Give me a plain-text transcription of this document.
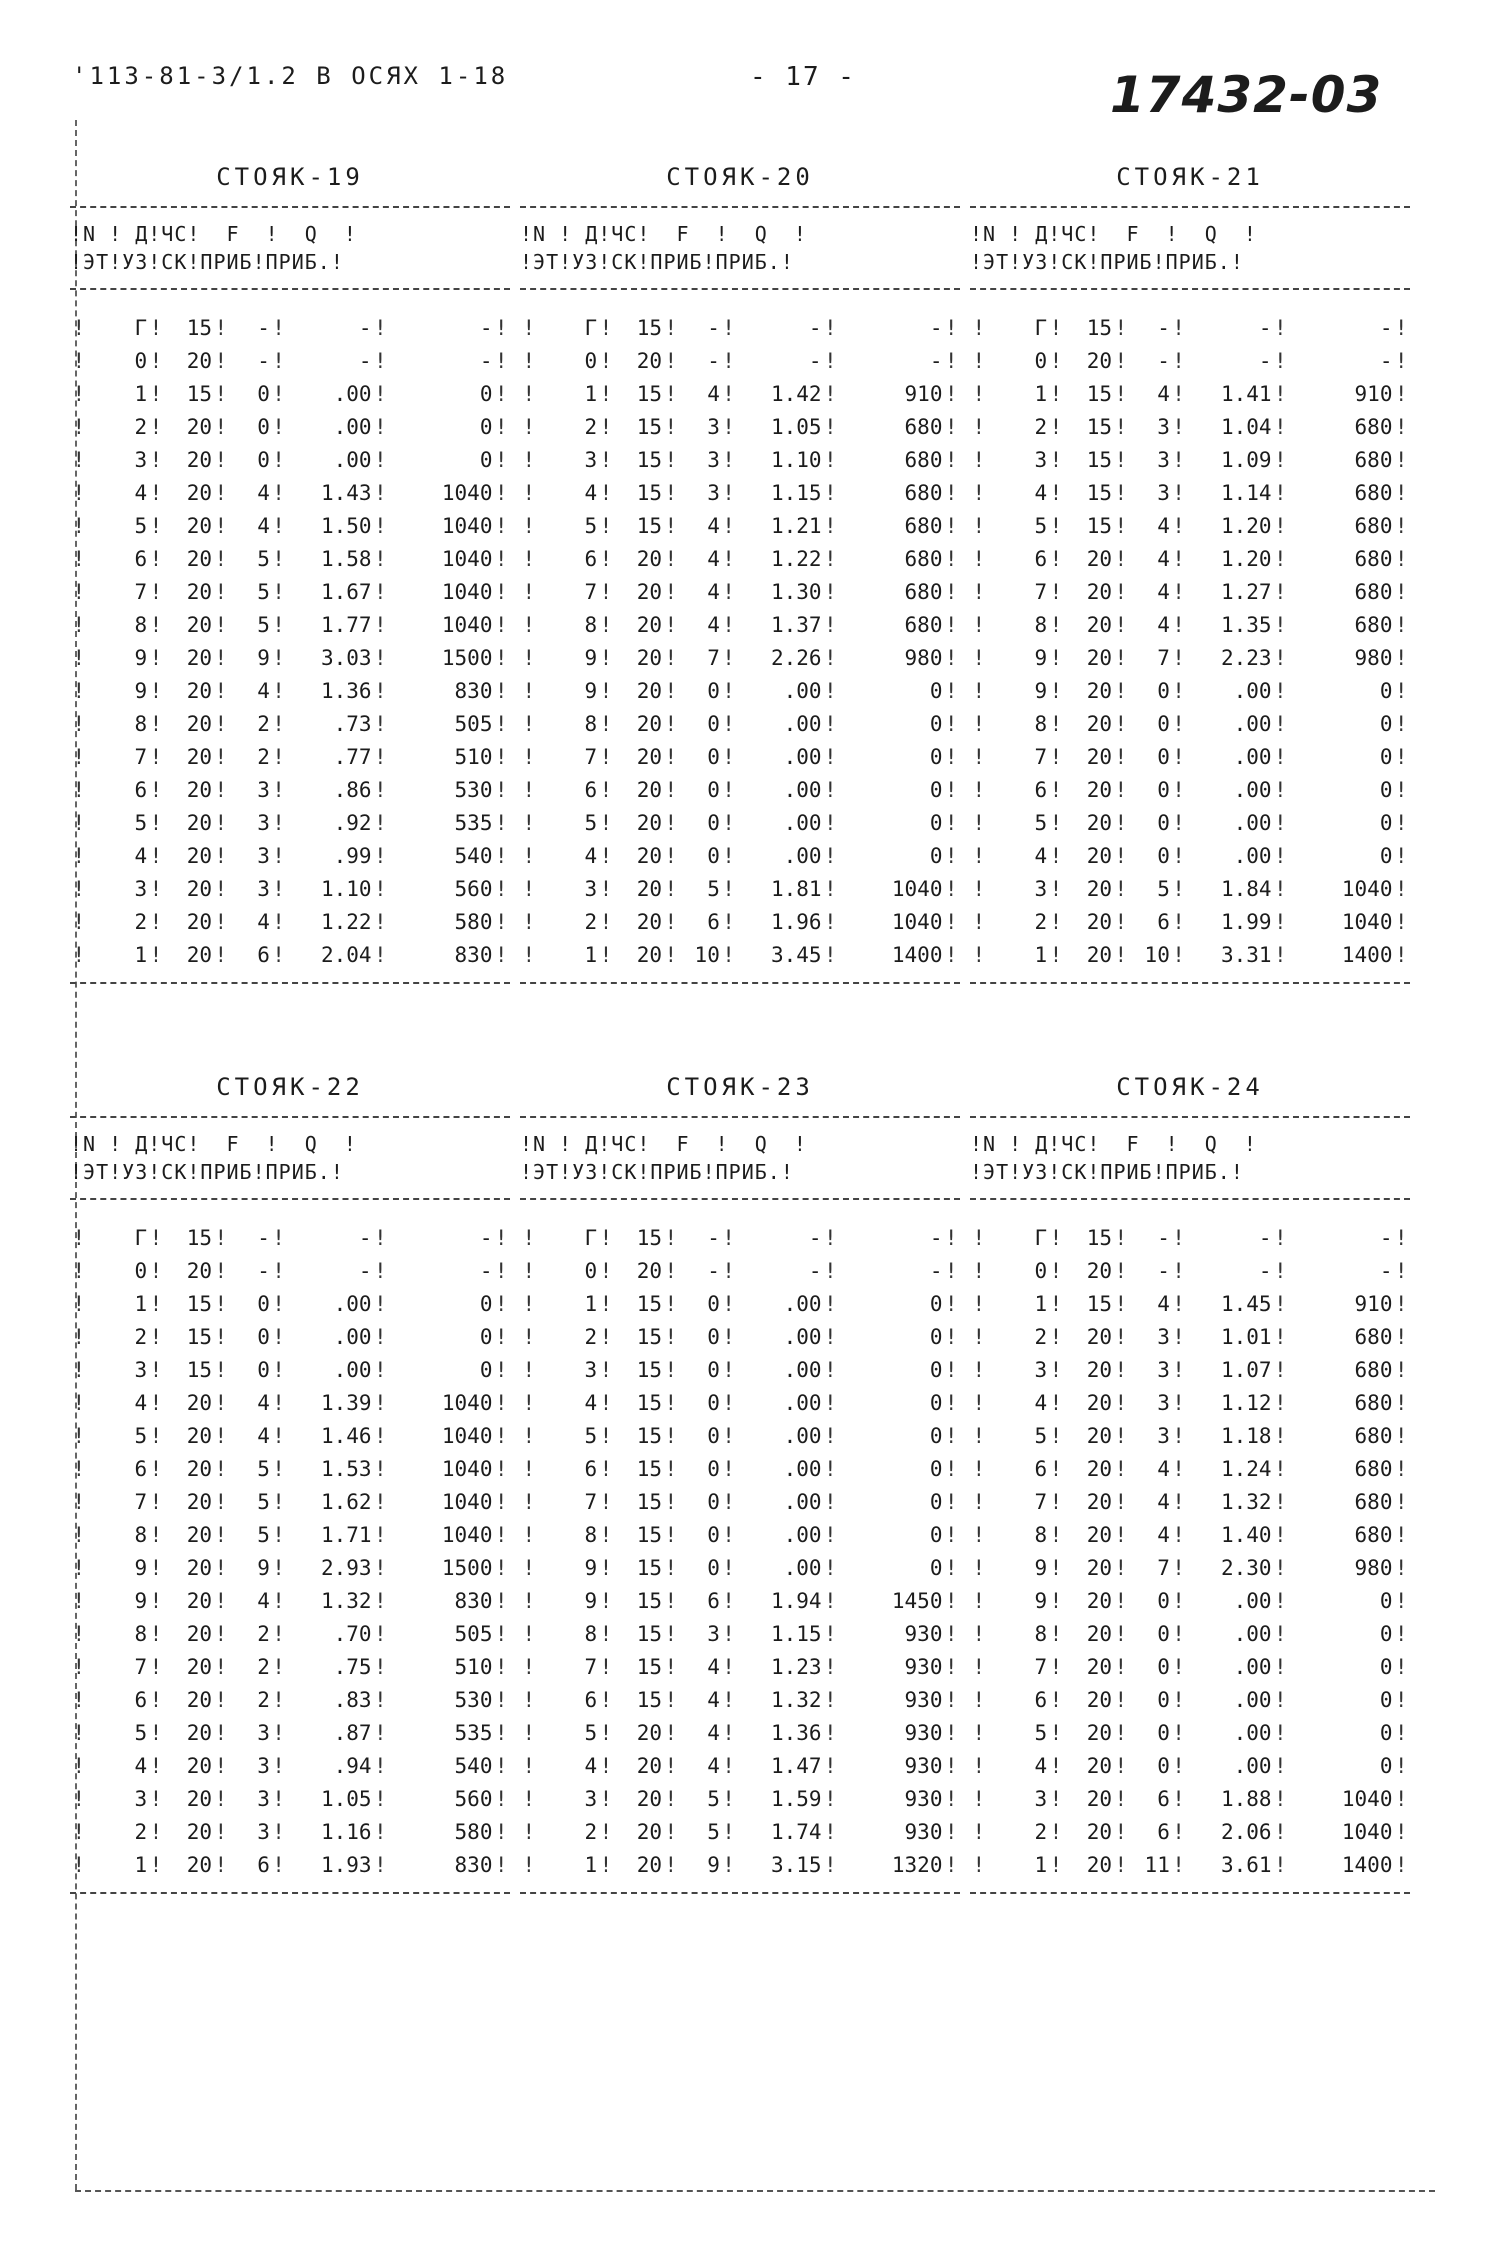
'113-81-3/1.2 В ОСЯХ 1-18	- 17 -	17432-03
СТОЯК-19
!N ! Д!ЧС!  F  !  Q  !
!ЭТ!УЗ!СК!ПРИБ!ПРИБ.!
!	Г !	15 !	- !	- !	- !
!	0 !	20 !	- !	- !	- !
!	1 !	15 !	0 !	.00 !	0 !
!	2 !	20 !	0 !	.00 !	0 !
!	3 !	20 !	0 !	.00 !	0 !
!	4 !	20 !	4 !	1.43 !	1040 !
!	5 !	20 !	4 !	1.50 !	1040 !
!	6 !	20 !	5 !	1.58 !	1040 !
!	7 !	20 !	5 !	1.67 !	1040 !
!	8 !	20 !	5 !	1.77 !	1040 !
!	9 !	20 !	9 !	3.03 !	1500 !
!	9 !	20 !	4 !	1.36 !	830 !
!	8 !	20 !	2 !	.73 !	505 !
!	7 !	20 !	2 !	.77 !	510 !
!	6 !	20 !	3 !	.86 !	530 !
!	5 !	20 !	3 !	.92 !	535 !
!	4 !	20 !	3 !	.99 !	540 !
!	3 !	20 !	3 !	1.10 !	560 !
!	2 !	20 !	4 !	1.22 !	580 !
!	1 !	20 !	6 !	2.04 !	830 !
СТОЯК-20
!N ! Д!ЧС!  F  !  Q  !
!ЭТ!УЗ!СК!ПРИБ!ПРИБ.!
!	Г !	15 !	- !	- !	- !
!	0 !	20 !	- !	- !	- !
!	1 !	15 !	4 !	1.42 !	910 !
!	2 !	15 !	3 !	1.05 !	680 !
!	3 !	15 !	3 !	1.10 !	680 !
!	4 !	15 !	3 !	1.15 !	680 !
!	5 !	15 !	4 !	1.21 !	680 !
!	6 !	20 !	4 !	1.22 !	680 !
!	7 !	20 !	4 !	1.30 !	680 !
!	8 !	20 !	4 !	1.37 !	680 !
!	9 !	20 !	7 !	2.26 !	980 !
!	9 !	20 !	0 !	.00 !	0 !
!	8 !	20 !	0 !	.00 !	0 !
!	7 !	20 !	0 !	.00 !	0 !
!	6 !	20 !	0 !	.00 !	0 !
!	5 !	20 !	0 !	.00 !	0 !
!	4 !	20 !	0 !	.00 !	0 !
!	3 !	20 !	5 !	1.81 !	1040 !
!	2 !	20 !	6 !	1.96 !	1040 !
!	1 !	20 ! 10 !	3.45 !	1400 !
СТОЯК-21
!N ! Д!ЧС!  F  !  Q  !
!ЭТ!УЗ!СК!ПРИБ!ПРИБ.!
!	Г !	15 !	- !	- !	- !
!	0 !	20 !	- !	- !	- !
!	1 !	15 !	4 !	1.41 !	910 !
!	2 !	15 !	3 !	1.04 !	680 !
!	3 !	15 !	3 !	1.09 !	680 !
!	4 !	15 !	3 !	1.14 !	680 !
!	5 !	15 !	4 !	1.20 !	680 !
!	6 !	20 !	4 !	1.20 !	680 !
!	7 !	20 !	4 !	1.27 !	680 !
!	8 !	20 !	4 !	1.35 !	680 !
!	9 !	20 !	7 !	2.23 !	980 !
!	9 !	20 !	0 !	.00 !	0 !
!	8 !	20 !	0 !	.00 !	0 !
!	7 !	20 !	0 !	.00 !	0 !
!	6 !	20 !	0 !	.00 !	0 !
!	5 !	20 !	0 !	.00 !	0 !
!	4 !	20 !	0 !	.00 !	0 !
!	3 !	20 !	5 !	1.84 !	1040 !
!	2 !	20 !	6 !	1.99 !	1040 !
!	1 !	20 ! 10 !	3.31 !	1400 !
СТОЯК-22
!N ! Д!ЧС!  F  !  Q  !
!ЭТ!УЗ!СК!ПРИБ!ПРИБ.!
!	Г !	15 !	- !	- !	- !
!	0 !	20 !	- !	- !	- !
!	1 !	15 !	0 !	.00 !	0 !
!	2 !	15 !	0 !	.00 !	0 !
!	3 !	15 !	0 !	.00 !	0 !
!	4 !	20 !	4 !	1.39 !	1040 !
!	5 !	20 !	4 !	1.46 !	1040 !
!	6 !	20 !	5 !	1.53 !	1040 !
!	7 !	20 !	5 !	1.62 !	1040 !
!	8 !	20 !	5 !	1.71 !	1040 !
!	9 !	20 !	9 !	2.93 !	1500 !
!	9 !	20 !	4 !	1.32 !	830 !
!	8 !	20 !	2 !	.70 !	505 !
!	7 !	20 !	2 !	.75 !	510 !
!	6 !	20 !	2 !	.83 !	530 !
!	5 !	20 !	3 !	.87 !	535 !
!	4 !	20 !	3 !	.94 !	540 !
!	3 !	20 !	3 !	1.05 !	560 !
!	2 !	20 !	3 !	1.16 !	580 !
!	1 !	20 !	6 !	1.93 !	830 !
СТОЯК-23
!N ! Д!ЧС!  F  !  Q  !
!ЭТ!УЗ!СК!ПРИБ!ПРИБ.!
!	Г !	15 !	- !	- !	- !
!	0 !	20 !	- !	- !	- !
!	1 !	15 !	0 !	.00 !	0 !
!	2 !	15 !	0 !	.00 !	0 !
!	3 !	15 !	0 !	.00 !	0 !
!	4 !	15 !	0 !	.00 !	0 !
!	5 !	15 !	0 !	.00 !	0 !
!	6 !	15 !	0 !	.00 !	0 !
!	7 !	15 !	0 !	.00 !	0 !
!	8 !	15 !	0 !	.00 !	0 !
!	9 !	15 !	0 !	.00 !	0 !
!	9 !	15 !	6 !	1.94 !	1450 !
!	8 !	15 !	3 !	1.15 !	930 !
!	7 !	15 !	4 !	1.23 !	930 !
!	6 !	15 !	4 !	1.32 !	930 !
!	5 !	20 !	4 !	1.36 !	930 !
!	4 !	20 !	4 !	1.47 !	930 !
!	3 !	20 !	5 !	1.59 !	930 !
!	2 !	20 !	5 !	1.74 !	930 !
!	1 !	20 !	9 !	3.15 !	1320 !
СТОЯК-24
!N ! Д!ЧС!  F  !  Q  !
!ЭТ!УЗ!СК!ПРИБ!ПРИБ.!
!	Г !	15 !	- !	- !	- !
!	0 !	20 !	- !	- !	- !
!	1 !	15 !	4 !	1.45 !	910 !
!	2 !	20 !	3 !	1.01 !	680 !
!	3 !	20 !	3 !	1.07 !	680 !
!	4 !	20 !	3 !	1.12 !	680 !
!	5 !	20 !	3 !	1.18 !	680 !
!	6 !	20 !	4 !	1.24 !	680 !
!	7 !	20 !	4 !	1.32 !	680 !
!	8 !	20 !	4 !	1.40 !	680 !
!	9 !	20 !	7 !	2.30 !	980 !
!	9 !	20 !	0 !	.00 !	0 !
!	8 !	20 !	0 !	.00 !	0 !
!	7 !	20 !	0 !	.00 !	0 !
!	6 !	20 !	0 !	.00 !	0 !
!	5 !	20 !	0 !	.00 !	0 !
!	4 !	20 !	0 !	.00 !	0 !
!	3 !	20 !	6 !	1.88 !	1040 !
!	2 !	20 !	6 !	2.06 !	1040 !
!	1 !	20 ! 11 !	3.61 !	1400 !
